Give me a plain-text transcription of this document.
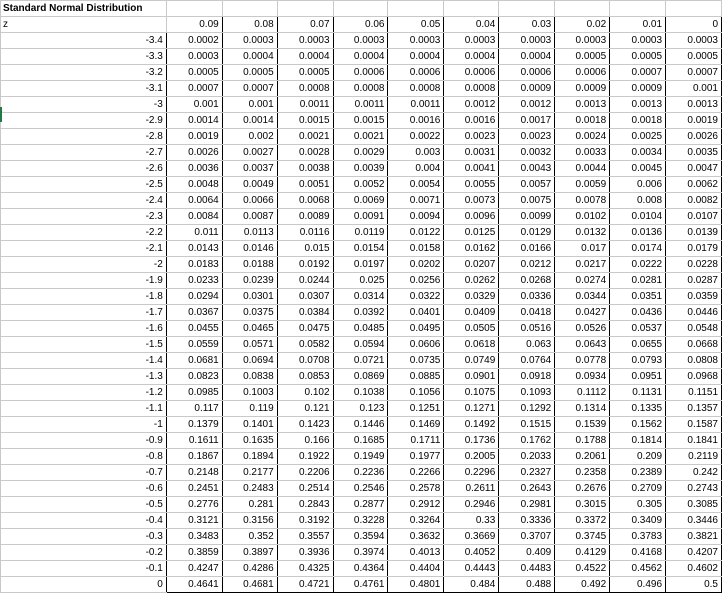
Standard Normal Distribution										
z	0.09	0.08	0.07	0.06	0.05	0.04	0.03	0.02	0.01	0
-3.4	0.0002	0.0003	0.0003	0.0003	0.0003	0.0003	0.0003	0.0003	0.0003	0.0003
-3.3	0.0003	0.0004	0.0004	0.0004	0.0004	0.0004	0.0004	0.0005	0.0005	0.0005
-3.2	0.0005	0.0005	0.0005	0.0006	0.0006	0.0006	0.0006	0.0006	0.0007	0.0007
-3.1	0.0007	0.0007	0.0008	0.0008	0.0008	0.0008	0.0009	0.0009	0.0009	0.001
-3	0.001	0.001	0.0011	0.0011	0.0011	0.0012	0.0012	0.0013	0.0013	0.0013
-2.9	0.0014	0.0014	0.0015	0.0015	0.0016	0.0016	0.0017	0.0018	0.0018	0.0019
-2.8	0.0019	0.002	0.0021	0.0021	0.0022	0.0023	0.0023	0.0024	0.0025	0.0026
-2.7	0.0026	0.0027	0.0028	0.0029	0.003	0.0031	0.0032	0.0033	0.0034	0.0035
-2.6	0.0036	0.0037	0.0038	0.0039	0.004	0.0041	0.0043	0.0044	0.0045	0.0047
-2.5	0.0048	0.0049	0.0051	0.0052	0.0054	0.0055	0.0057	0.0059	0.006	0.0062
-2.4	0.0064	0.0066	0.0068	0.0069	0.0071	0.0073	0.0075	0.0078	0.008	0.0082
-2.3	0.0084	0.0087	0.0089	0.0091	0.0094	0.0096	0.0099	0.0102	0.0104	0.0107
-2.2	0.011	0.0113	0.0116	0.0119	0.0122	0.0125	0.0129	0.0132	0.0136	0.0139
-2.1	0.0143	0.0146	0.015	0.0154	0.0158	0.0162	0.0166	0.017	0.0174	0.0179
-2	0.0183	0.0188	0.0192	0.0197	0.0202	0.0207	0.0212	0.0217	0.0222	0.0228
-1.9	0.0233	0.0239	0.0244	0.025	0.0256	0.0262	0.0268	0.0274	0.0281	0.0287
-1.8	0.0294	0.0301	0.0307	0.0314	0.0322	0.0329	0.0336	0.0344	0.0351	0.0359
-1.7	0.0367	0.0375	0.0384	0.0392	0.0401	0.0409	0.0418	0.0427	0.0436	0.0446
-1.6	0.0455	0.0465	0.0475	0.0485	0.0495	0.0505	0.0516	0.0526	0.0537	0.0548
-1.5	0.0559	0.0571	0.0582	0.0594	0.0606	0.0618	0.063	0.0643	0.0655	0.0668
-1.4	0.0681	0.0694	0.0708	0.0721	0.0735	0.0749	0.0764	0.0778	0.0793	0.0808
-1.3	0.0823	0.0838	0.0853	0.0869	0.0885	0.0901	0.0918	0.0934	0.0951	0.0968
-1.2	0.0985	0.1003	0.102	0.1038	0.1056	0.1075	0.1093	0.1112	0.1131	0.1151
-1.1	0.117	0.119	0.121	0.123	0.1251	0.1271	0.1292	0.1314	0.1335	0.1357
-1	0.1379	0.1401	0.1423	0.1446	0.1469	0.1492	0.1515	0.1539	0.1562	0.1587
-0.9	0.1611	0.1635	0.166	0.1685	0.1711	0.1736	0.1762	0.1788	0.1814	0.1841
-0.8	0.1867	0.1894	0.1922	0.1949	0.1977	0.2005	0.2033	0.2061	0.209	0.2119
-0.7	0.2148	0.2177	0.2206	0.2236	0.2266	0.2296	0.2327	0.2358	0.2389	0.242
-0.6	0.2451	0.2483	0.2514	0.2546	0.2578	0.2611	0.2643	0.2676	0.2709	0.2743
-0.5	0.2776	0.281	0.2843	0.2877	0.2912	0.2946	0.2981	0.3015	0.305	0.3085
-0.4	0.3121	0.3156	0.3192	0.3228	0.3264	0.33	0.3336	0.3372	0.3409	0.3446
-0.3	0.3483	0.352	0.3557	0.3594	0.3632	0.3669	0.3707	0.3745	0.3783	0.3821
-0.2	0.3859	0.3897	0.3936	0.3974	0.4013	0.4052	0.409	0.4129	0.4168	0.4207
-0.1	0.4247	0.4286	0.4325	0.4364	0.4404	0.4443	0.4483	0.4522	0.4562	0.4602
0	0.4641	0.4681	0.4721	0.4761	0.4801	0.484	0.488	0.492	0.496	0.5
